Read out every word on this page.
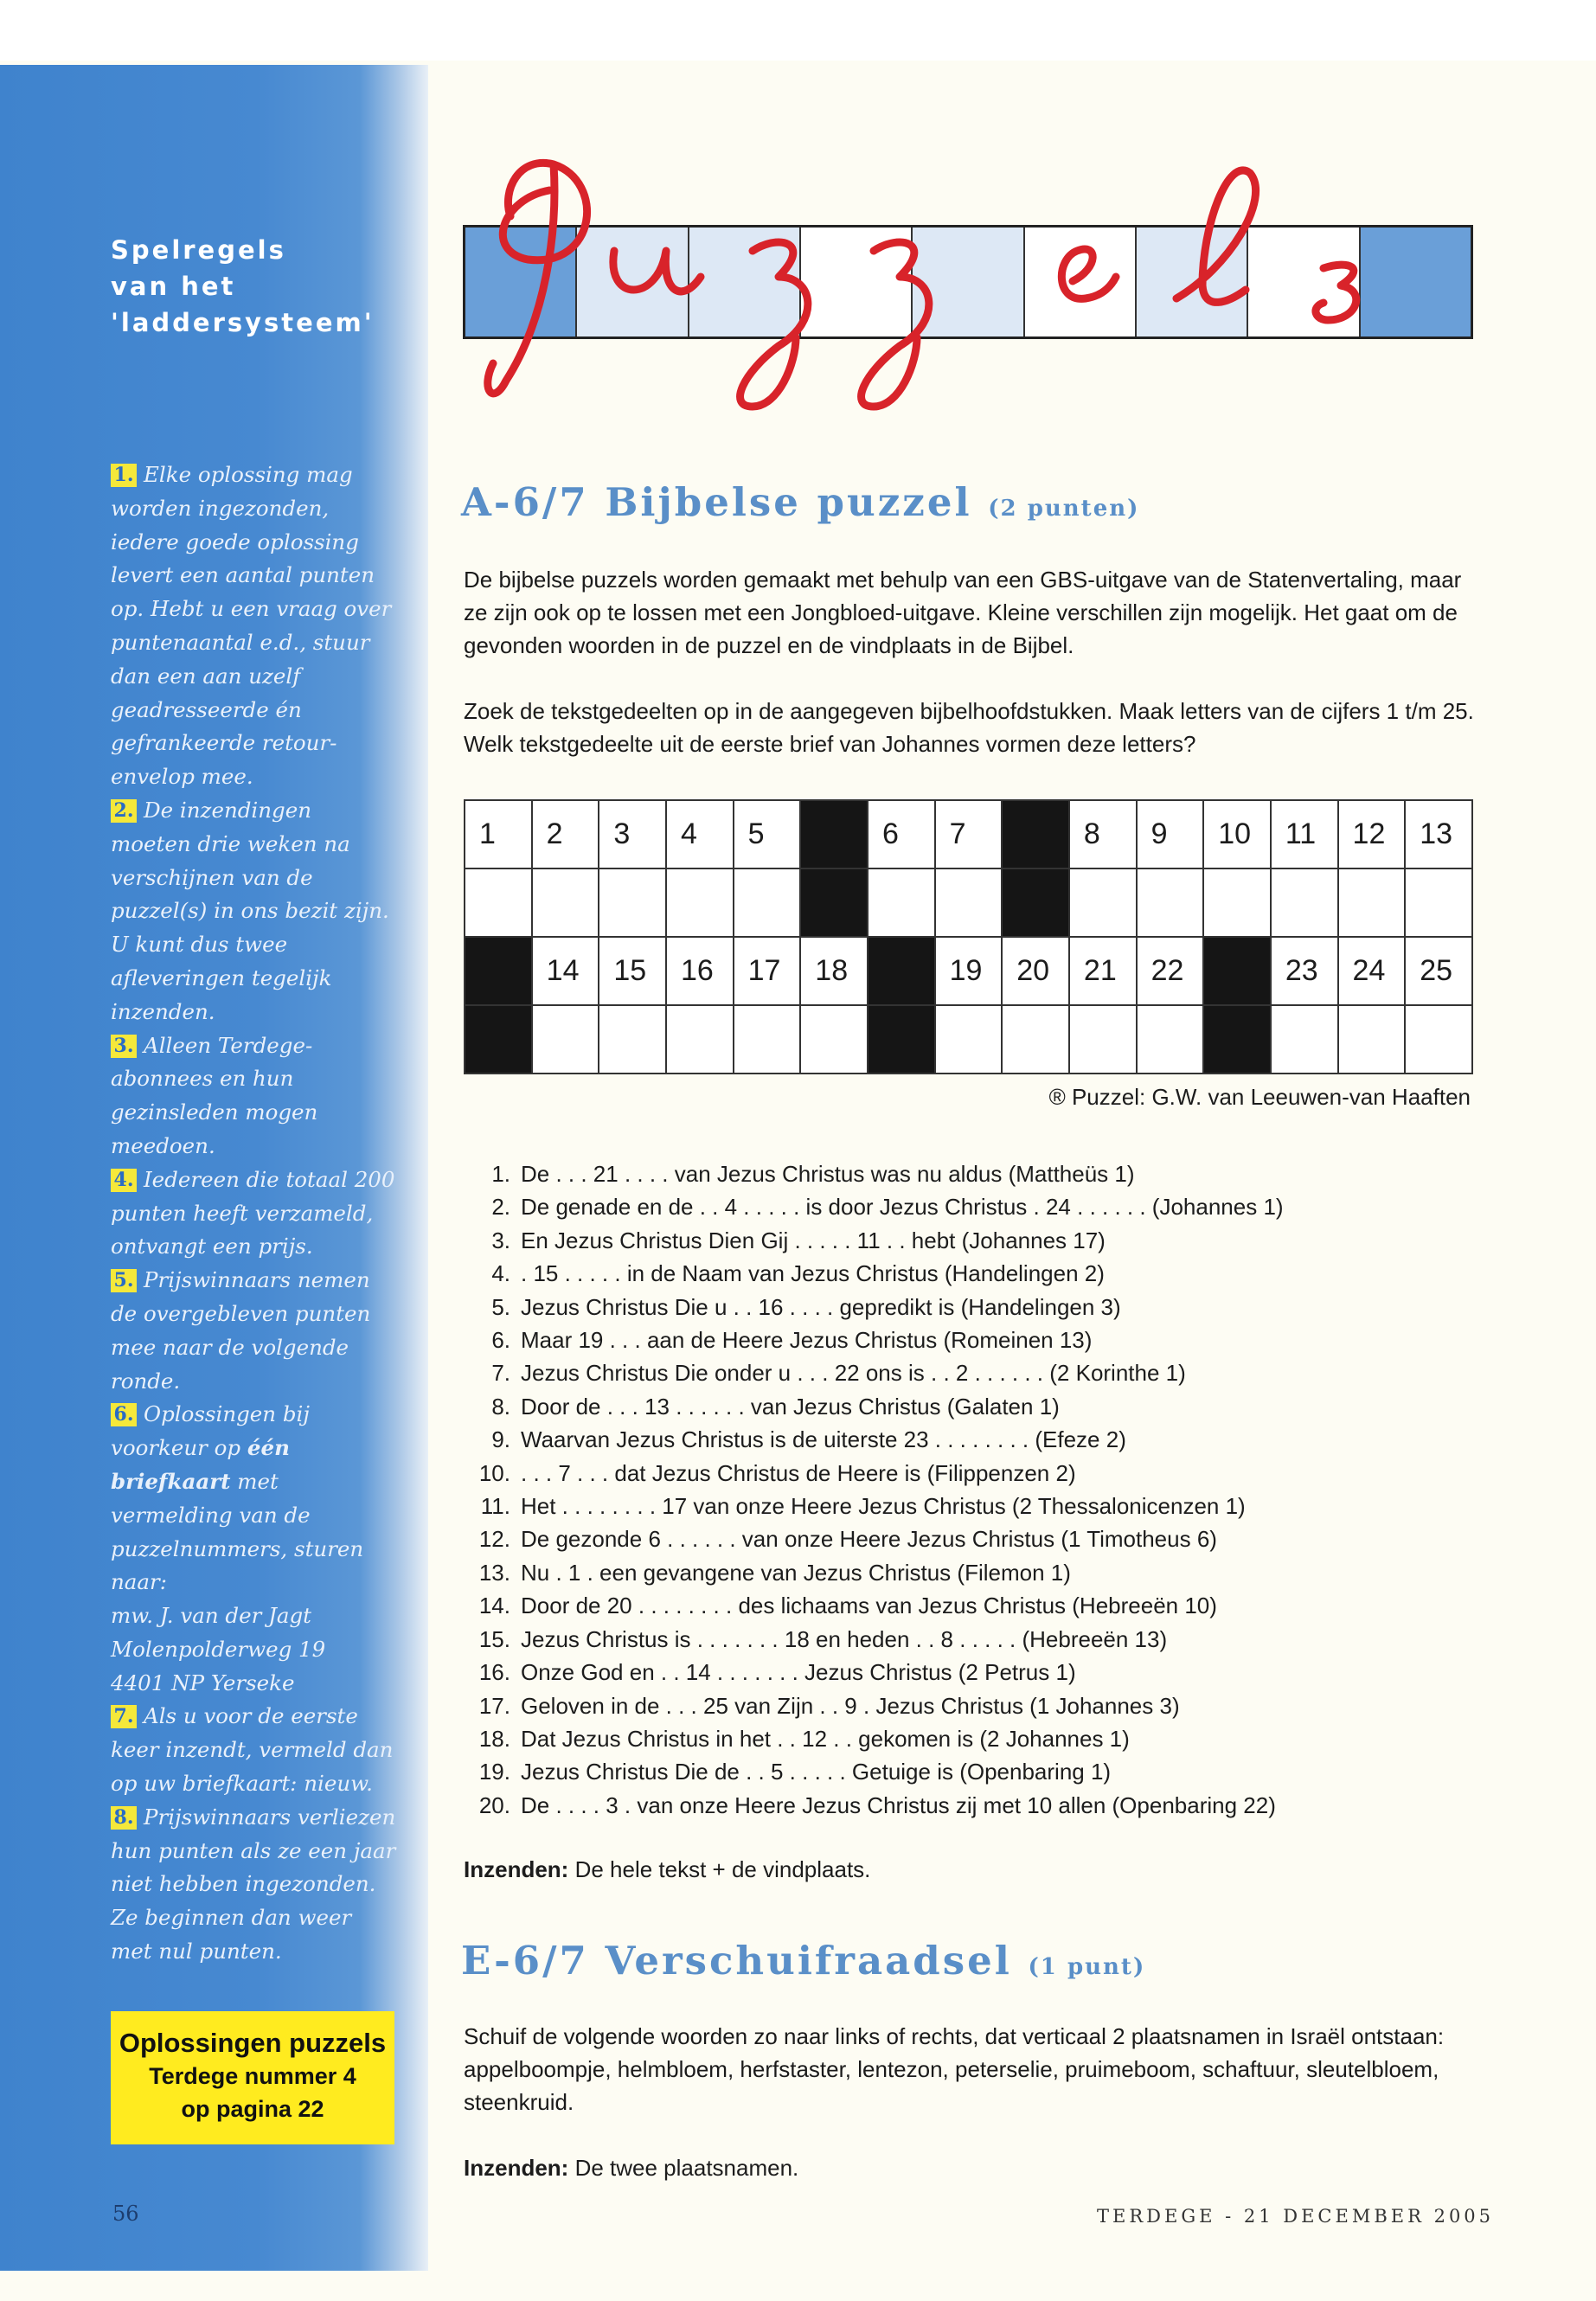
Spelregels
van het
'laddersysteem'

1. Elke oplossing mag worden ingezonden, iedere goede oplossing levert een aantal punten op. Hebt u een vraag over puntenaantal e.d., stuur dan een aan uzelf geadresseerde én gefrankeerde retour-envelop mee.

2. De inzendingen moeten drie weken na verschijnen van de puzzel(s) in ons bezit zijn. U kunt dus twee afleveringen tegelijk inzenden.

3. Alleen Terdege-abonnees en hun gezinsleden mogen meedoen.

4. Iedereen die totaal 200 punten heeft verzameld, ontvangt een prijs.

5. Prijswinnaars nemen de overgebleven punten mee naar de volgende ronde.

6. Oplossingen bij voorkeur op één briefkaart met vermelding van de puzzelnummers, sturen naar:

mw. J. van der Jagt

Molenpolderweg 19

4401 NP Yerseke

7. Als u voor de eerste keer inzendt, vermeld dan op uw briefkaart: nieuw.

8. Prijswinnaars verliezen hun punten als ze een jaar niet hebben ingezonden. Ze beginnen dan weer met nul punten.

Oplossingen puzzels
Terdege nummer 4
op pagina 22
56
A-6/7 Bijbelse puzzel (2 punten)

De bijbelse puzzels worden gemaakt met behulp van een GBS-uitgave van de Statenvertaling, maar ze zijn ook op te lossen met een Jongbloed-uitgave. Kleine verschillen zijn mogelijk. Het gaat om de gevonden woorden in de puzzel en de vindplaats in de Bijbel.

Zoek de tekstgedeelten op in de aangegeven bijbelhoofdstukken. Maak letters van de cijfers 1 t/m 25. Welk tekstgedeelte uit de eerste brief van Johannes vormen deze letters?

1	2	3	4	5		6	7		8	9	10	11	12	13

	14	15	16	17	18		19	20	21	22		23	24	25

® Puzzel: G.W. van Leeuwen-van Haaften

1. De . . . 21 . . . . van Jezus Christus was nu aldus (Mattheüs 1)
2. De genade en de . . 4 . . . . . is door Jezus Christus . 24 . . . . . . (Johannes 1)
3. En Jezus Christus Dien Gij . . . . . 11 . . hebt (Johannes 17)
4. . 15 . . . . . in de Naam van Jezus Christus (Handelingen 2)
5. Jezus Christus Die u . . 16 . . . . gepredikt is (Handelingen 3)
6. Maar 19 . . . aan de Heere Jezus Christus (Romeinen 13)
7. Jezus Christus Die onder u . . . 22 ons is . . 2 . . . . . . (2 Korinthe 1)
8. Door de . . . 13 . . . . . . van Jezus Christus (Galaten 1)
9. Waarvan Jezus Christus is de uiterste 23 . . . . . . . . (Efeze 2)
10. . . . 7 . . . dat Jezus Christus de Heere is (Filippenzen 2)
11. Het . . . . . . . . 17 van onze Heere Jezus Christus (2 Thessalonicenzen 1)
12. De gezonde 6 . . . . . . van onze Heere Jezus Christus (1 Timotheus 6)
13. Nu . 1 . een gevangene van Jezus Christus (Filemon 1)
14. Door de 20 . . . . . . . . des lichaams van Jezus Christus (Hebreeën 10)
15. Jezus Christus is . . . . . . . 18 en heden . . 8 . . . . . (Hebreeën 13)
16. Onze God en . . 14 . . . . . . . Jezus Christus (2 Petrus 1)
17. Geloven in de . . . 25 van Zijn . . 9 . Jezus Christus (1 Johannes 3)
18. Dat Jezus Christus in het . . 12 . . gekomen is (2 Johannes 1)
19. Jezus Christus Die de . . 5 . . . . . Getuige is (Openbaring 1)
20. De . . . . 3 . van onze Heere Jezus Christus zij met 10 allen (Openbaring 22)

Inzenden: De hele tekst + de vindplaats.

E-6/7 Verschuifraadsel (1 punt)

Schuif de volgende woorden zo naar links of rechts, dat verticaal 2 plaatsnamen in Israël ontstaan: appelboompje, helmbloem, herfstaster, lentezon, peterselie, pruimeboom, schaftuur, sleutelbloem, steenkruid.

Inzenden: De twee plaatsnamen.

TERDEGE - 21 DECEMBER 2005
